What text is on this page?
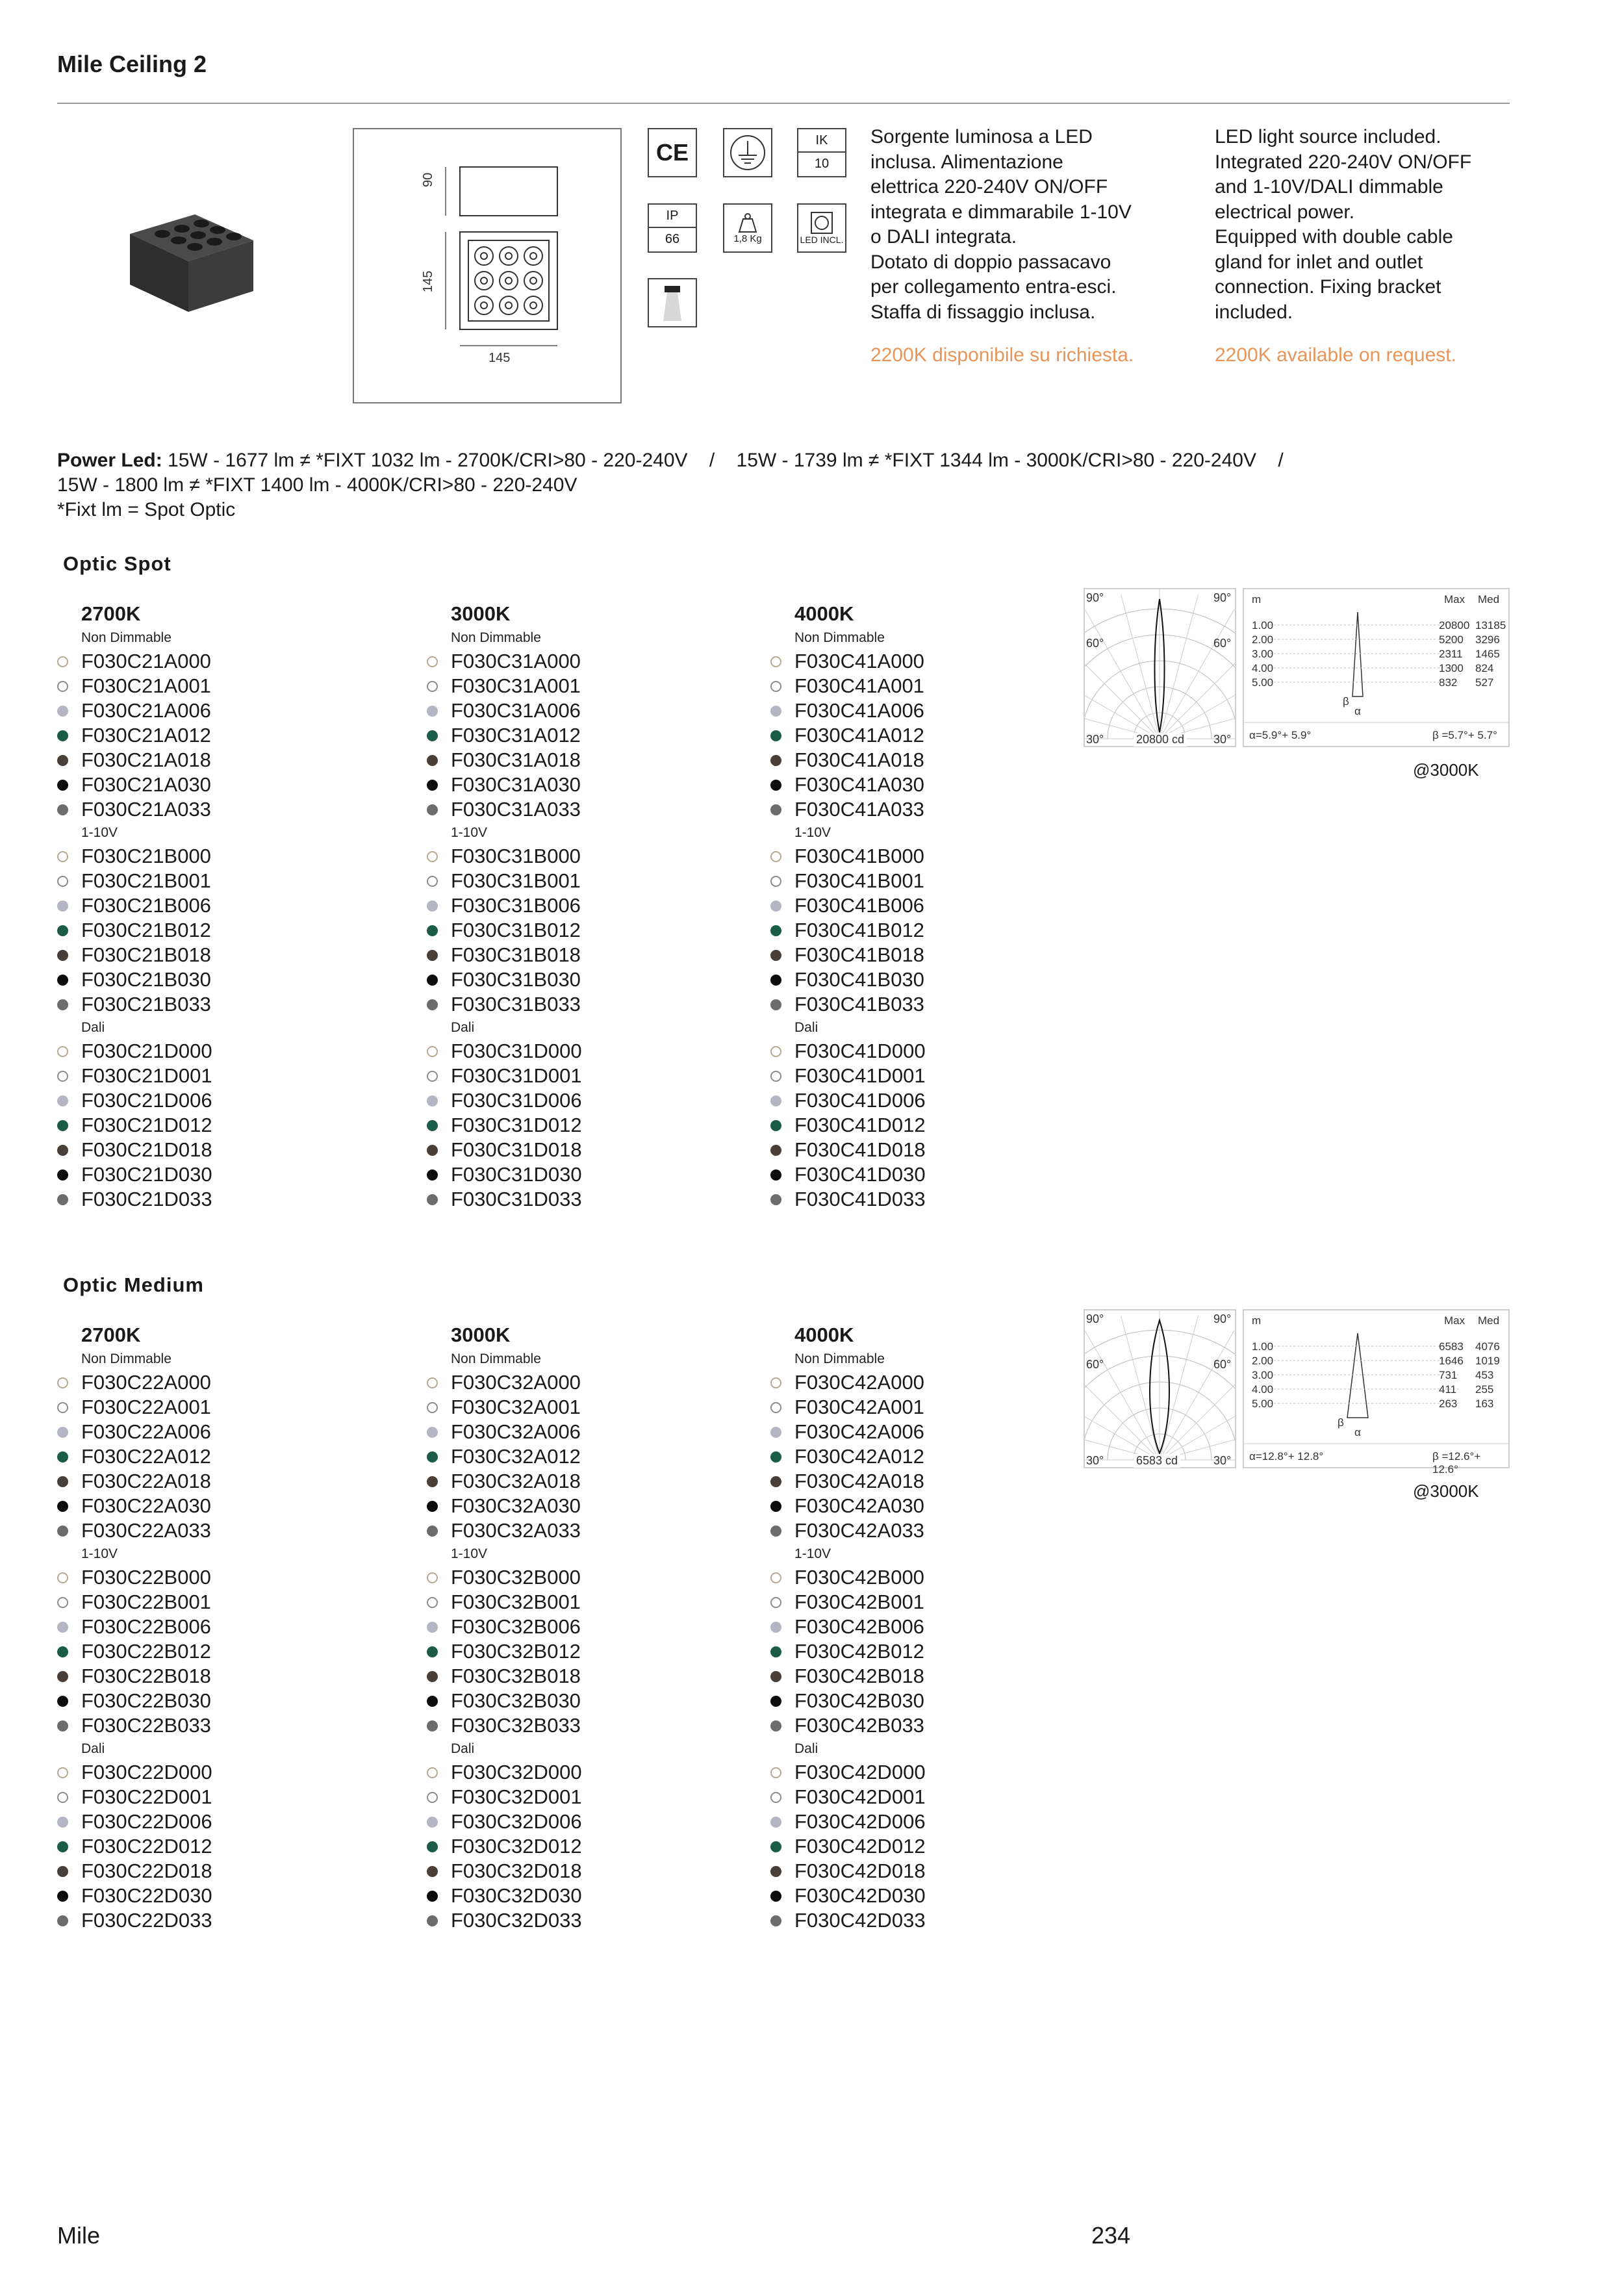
Mile Ceiling 2
90
145
145
CE	IK
10
IP
66	1,8 Kg	LED INCL.
Sorgente luminosa a LED
inclusa. Alimentazione
elettrica 220-240V ON/OFF
integrata e dimmarabile 1-10V
o DALI integrata.
Dotato di doppio passacavo
per collegamento entra-esci.
Staffa di fissaggio inclusa.
2200K disponibile su richiesta.
LED light source included.
Integrated 220-240V ON/OFF
and 1-10V/DALI dimmable
electrical power.
Equipped with double cable
gland for inlet and outlet
connection. Fixing bracket
included.
2200K available on request.
Power Led: 15W - 1677 lm ≠ *FIXT 1032 lm - 2700K/CRI>80 - 220-240V    /    15W - 1739 lm ≠ *FIXT 1344 lm - 3000K/CRI>80 - 220-240V    /
15W - 1800 lm ≠ *FIXT 1400 lm - 4000K/CRI>80 - 220-240V
*Fixt lm = Spot Optic
Optic Spot
2700K
Non Dimmable
F030C21A000
F030C21A001
F030C21A006
F030C21A012
F030C21A018
F030C21A030
F030C21A033
1-10V
F030C21B000
F030C21B001
F030C21B006
F030C21B012
F030C21B018
F030C21B030
F030C21B033
Dali
F030C21D000
F030C21D001
F030C21D006
F030C21D012
F030C21D018
F030C21D030
F030C21D033
3000K
Non Dimmable
F030C31A000
F030C31A001
F030C31A006
F030C31A012
F030C31A018
F030C31A030
F030C31A033
1-10V
F030C31B000
F030C31B001
F030C31B006
F030C31B012
F030C31B018
F030C31B030
F030C31B033
Dali
F030C31D000
F030C31D001
F030C31D006
F030C31D012
F030C31D018
F030C31D030
F030C31D033
4000K
Non Dimmable
F030C41A000
F030C41A001
F030C41A006
F030C41A012
F030C41A018
F030C41A030
F030C41A033
1-10V
F030C41B000
F030C41B001
F030C41B006
F030C41B012
F030C41B018
F030C41B030
F030C41B033
Dali
F030C41D000
F030C41D001
F030C41D006
F030C41D012
F030C41D018
F030C41D030
F030C41D033
90°	90°
60°	60°
30°	30°
20800 cd
m	Max Med
1.00	20800 13185
2.00	5200 3296
3.00	2311 1465
4.00	1300 824
5.00	832 527
β
α
α=5.9°+ 5.9°	β =5.7°+ 5.7°
@3000K
Optic Medium
2700K
Non Dimmable
F030C22A000
F030C22A001
F030C22A006
F030C22A012
F030C22A018
F030C22A030
F030C22A033
1-10V
F030C22B000
F030C22B001
F030C22B006
F030C22B012
F030C22B018
F030C22B030
F030C22B033
Dali
F030C22D000
F030C22D001
F030C22D006
F030C22D012
F030C22D018
F030C22D030
F030C22D033
3000K
Non Dimmable
F030C32A000
F030C32A001
F030C32A006
F030C32A012
F030C32A018
F030C32A030
F030C32A033
1-10V
F030C32B000
F030C32B001
F030C32B006
F030C32B012
F030C32B018
F030C32B030
F030C32B033
Dali
F030C32D000
F030C32D001
F030C32D006
F030C32D012
F030C32D018
F030C32D030
F030C32D033
4000K
Non Dimmable
F030C42A000
F030C42A001
F030C42A006
F030C42A012
F030C42A018
F030C42A030
F030C42A033
1-10V
F030C42B000
F030C42B001
F030C42B006
F030C42B012
F030C42B018
F030C42B030
F030C42B033
Dali
F030C42D000
F030C42D001
F030C42D006
F030C42D012
F030C42D018
F030C42D030
F030C42D033
90°	90°
60°	60°
30°	30°
6583 cd
m	Max Med
1.00	6583 4076
2.00	1646 1019
3.00	731 453
4.00	411 255
5.00	263 163
β
α
α=12.8°+ 12.8°	β =12.6°+ 12.6°
@3000K
Mile	234
